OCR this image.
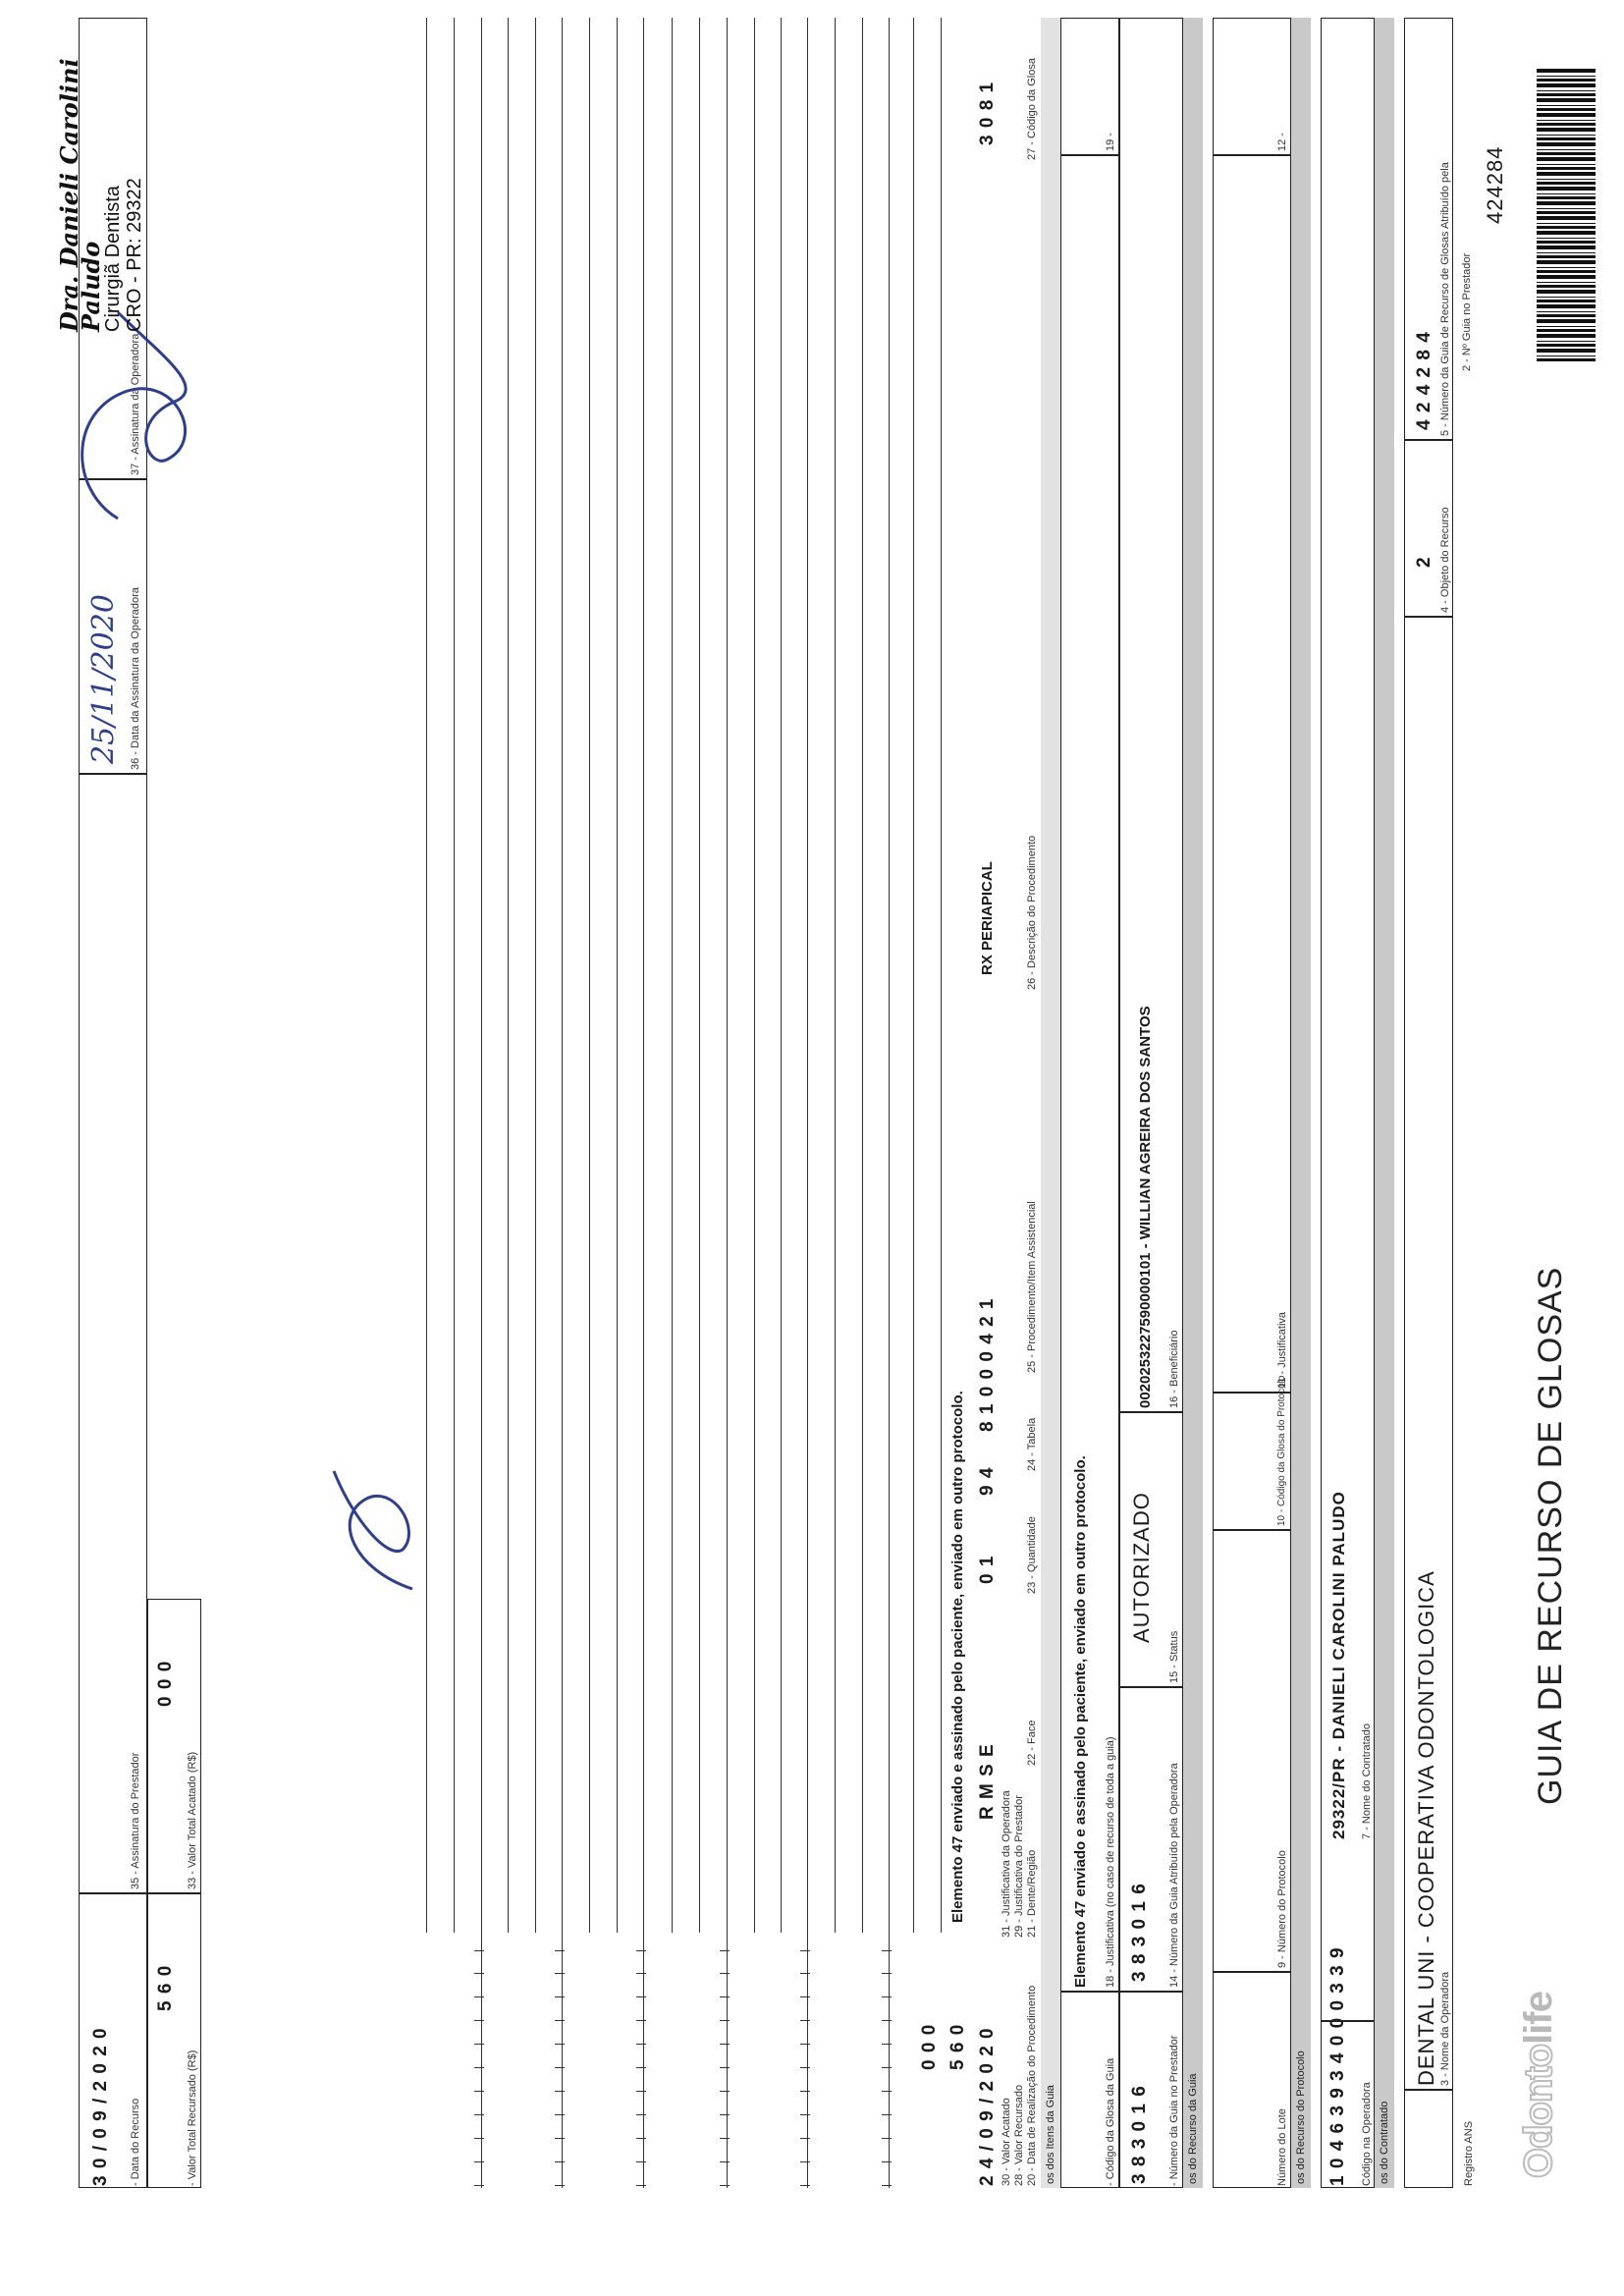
Odontolife
GUIA DE RECURSO DE GLOSAS
424284
2 - Nº Guia no Prestador
Registro ANS
3 - Nome da Operadora
DENTAL UNI - COOPERATIVA ODONTOLOGICA
4 - Objeto do Recurso
2
5 - Número da Guia de Recurso de Glosas Atribuído pela
4 2 4 2 8 4
os do Contratado
Código na Operadora
1 0 4 6 3 9 3 4 0 0 0 3 3 9
7 - Nome do Contratado
29322/PR - DANIELI CAROLINI PALUDO
os do Recurso do Protocolo
Número do Lote
9 - Número do Protocolo
10 - Código da Glosa do Protocolo
11 - Justificativa
12 -
os do Recurso da Guia
- Número da Guia no Prestador
3 8 3 0 1 6
14 - Número da Guia Atribuído pela Operadora
3 8 3 0 1 6
15 - Status
AUTORIZADO
16 - Beneficiário
0020253227590000101 - WILLIAN AGREIRA DOS SANTOS
- Código da Glosa da Guia
18 - Justificativa (no caso de recurso de toda a guia)
Elemento 47 enviado e assinado pelo paciente, enviado em outro protocolo.
19 -
os dos Itens da Guia
20 - Data de Realização do Procedimento
28 - Valor Recursado
30 - Valor Acatado
21 - Dente/Região
29 - Justificativa do Prestador
31 - Justificativa da Operadora
22 - Face
23 - Quantidade
24 - Tabela
25 - Procedimento/Item Assistencial
26 - Descrição do Procedimento
27 - Código da Glosa
2 4 / 0 9 / 2 0 2 0
R M S E
0 1
9 4
8 1 0 0 0 4 2 1
RX PERIAPICAL
3 0 8 1
5 6 0
0 0 0
Elemento 47 enviado e assinado pelo paciente, enviado em outro protocolo.
- Valor Total Recursado (R$)
5 6 0
33 - Valor Total Acatado (R$)
0 0 0
- Data do Recurso
3 0 / 0 9 / 2 0 2 0
35 - Assinatura do Prestador
36 - Data da Assinatura da Operadora
25/11/2020
37 - Assinatura da Operadora
Dra. Danieli Carolini Paludo
Cirurgiã Dentista CRO - PR: 29322
